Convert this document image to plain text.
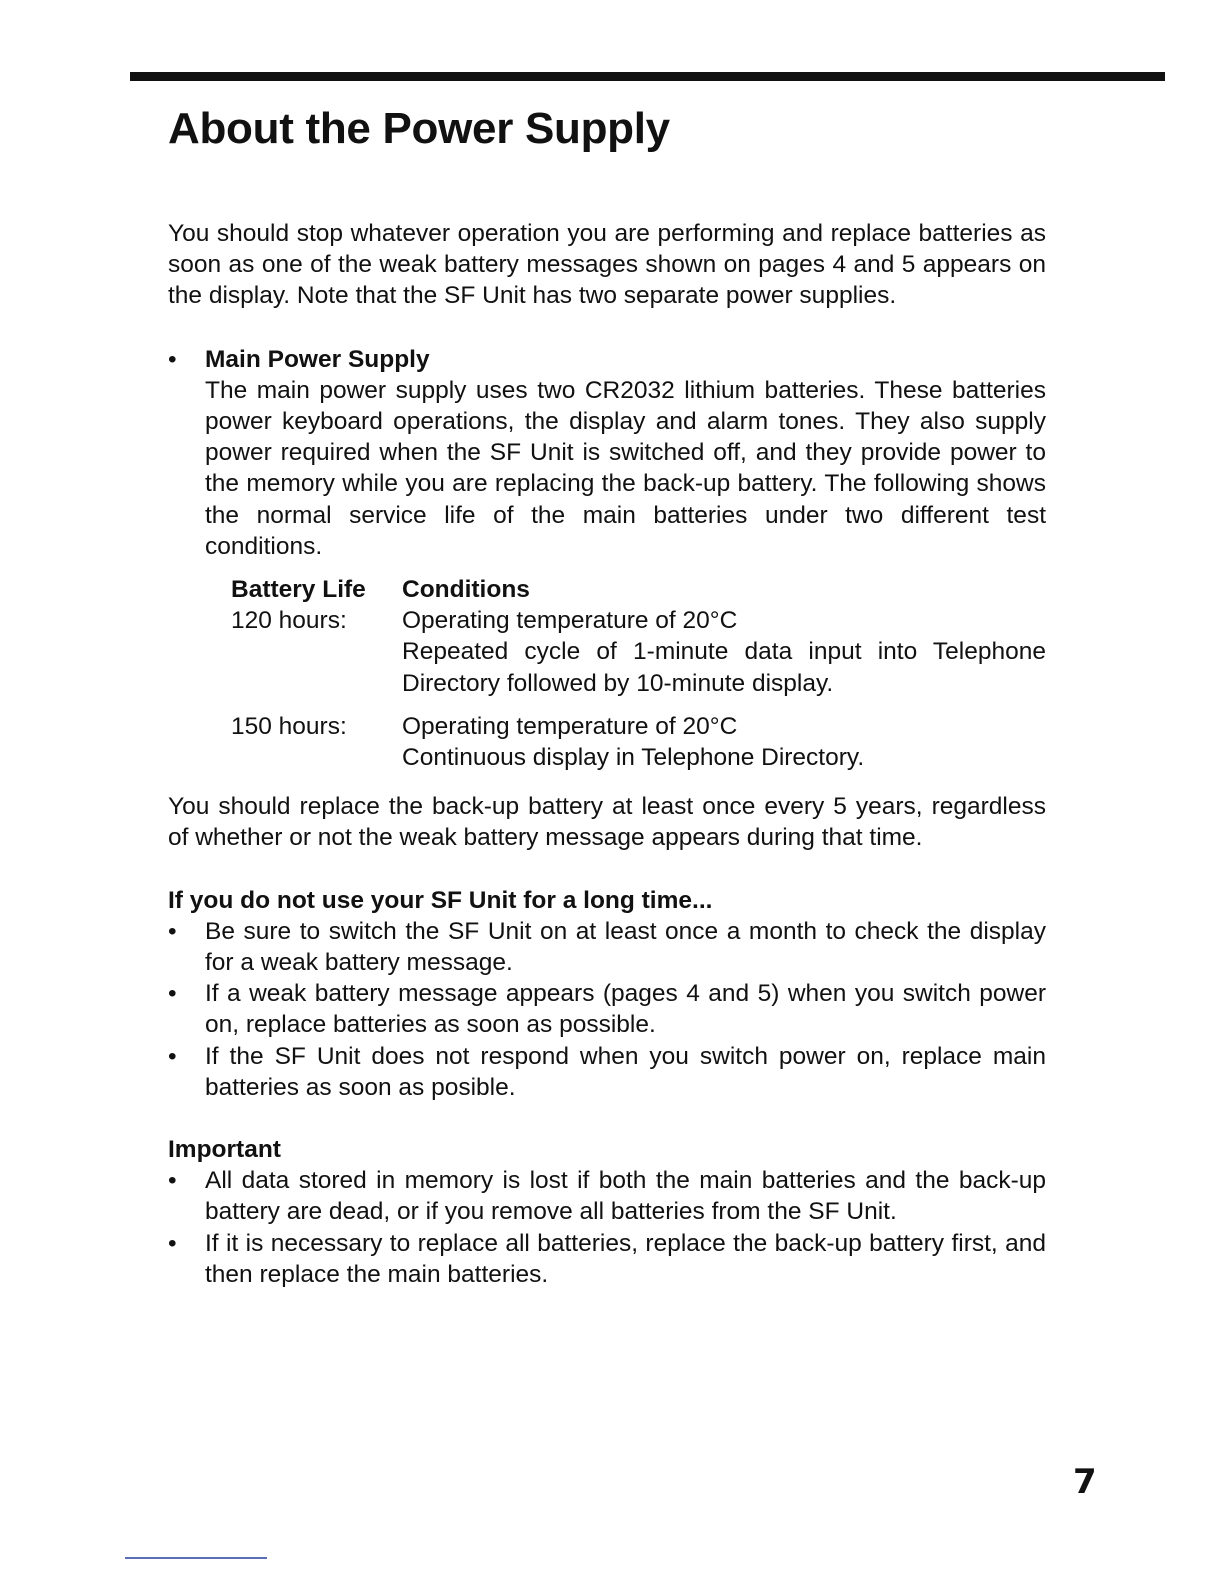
About the Power Supply

You should stop whatever operation you are performing and replace batteries as soon as one of the weak battery messages shown on pages 4 and 5 appears on the display. Note that the SF Unit has two separate power supplies.

•	Main Power Supply

The main power supply uses two CR2032 lithium batteries. These batteries power keyboard operations, the display and alarm tones. They also supply power required when the SF Unit is switched off, and they provide power to the memory while you are replacing the back-up battery. The following shows the normal service life of the main batteries under two different test conditions.

Battery Life	Conditions
120 hours:	Operating temperature of 20°C

Repeated cycle of 1-minute data input into Telephone Directory followed by 10-minute display.

150 hours:	Operating temperature of 20°C

Continuous display in Telephone Directory.

You should replace the back-up battery at least once every 5 years, regardless of whether or not the weak battery message appears during that time.

If you do not use your SF Unit for a long time...

•	Be sure to switch the SF Unit on at least once a month to check the display for a weak battery message.
•	If a weak battery message appears (pages 4 and 5) when you switch power on, replace batteries as soon as possible.
•	If the SF Unit does not respond when you switch power on, replace main batteries as soon as posible.

Important

•	All data stored in memory is lost if both the main batteries and the back-up battery are dead, or if you remove all batteries from the SF Unit.
•	If it is necessary to replace all batteries, replace the back-up battery first, and then replace the main batteries.
7
